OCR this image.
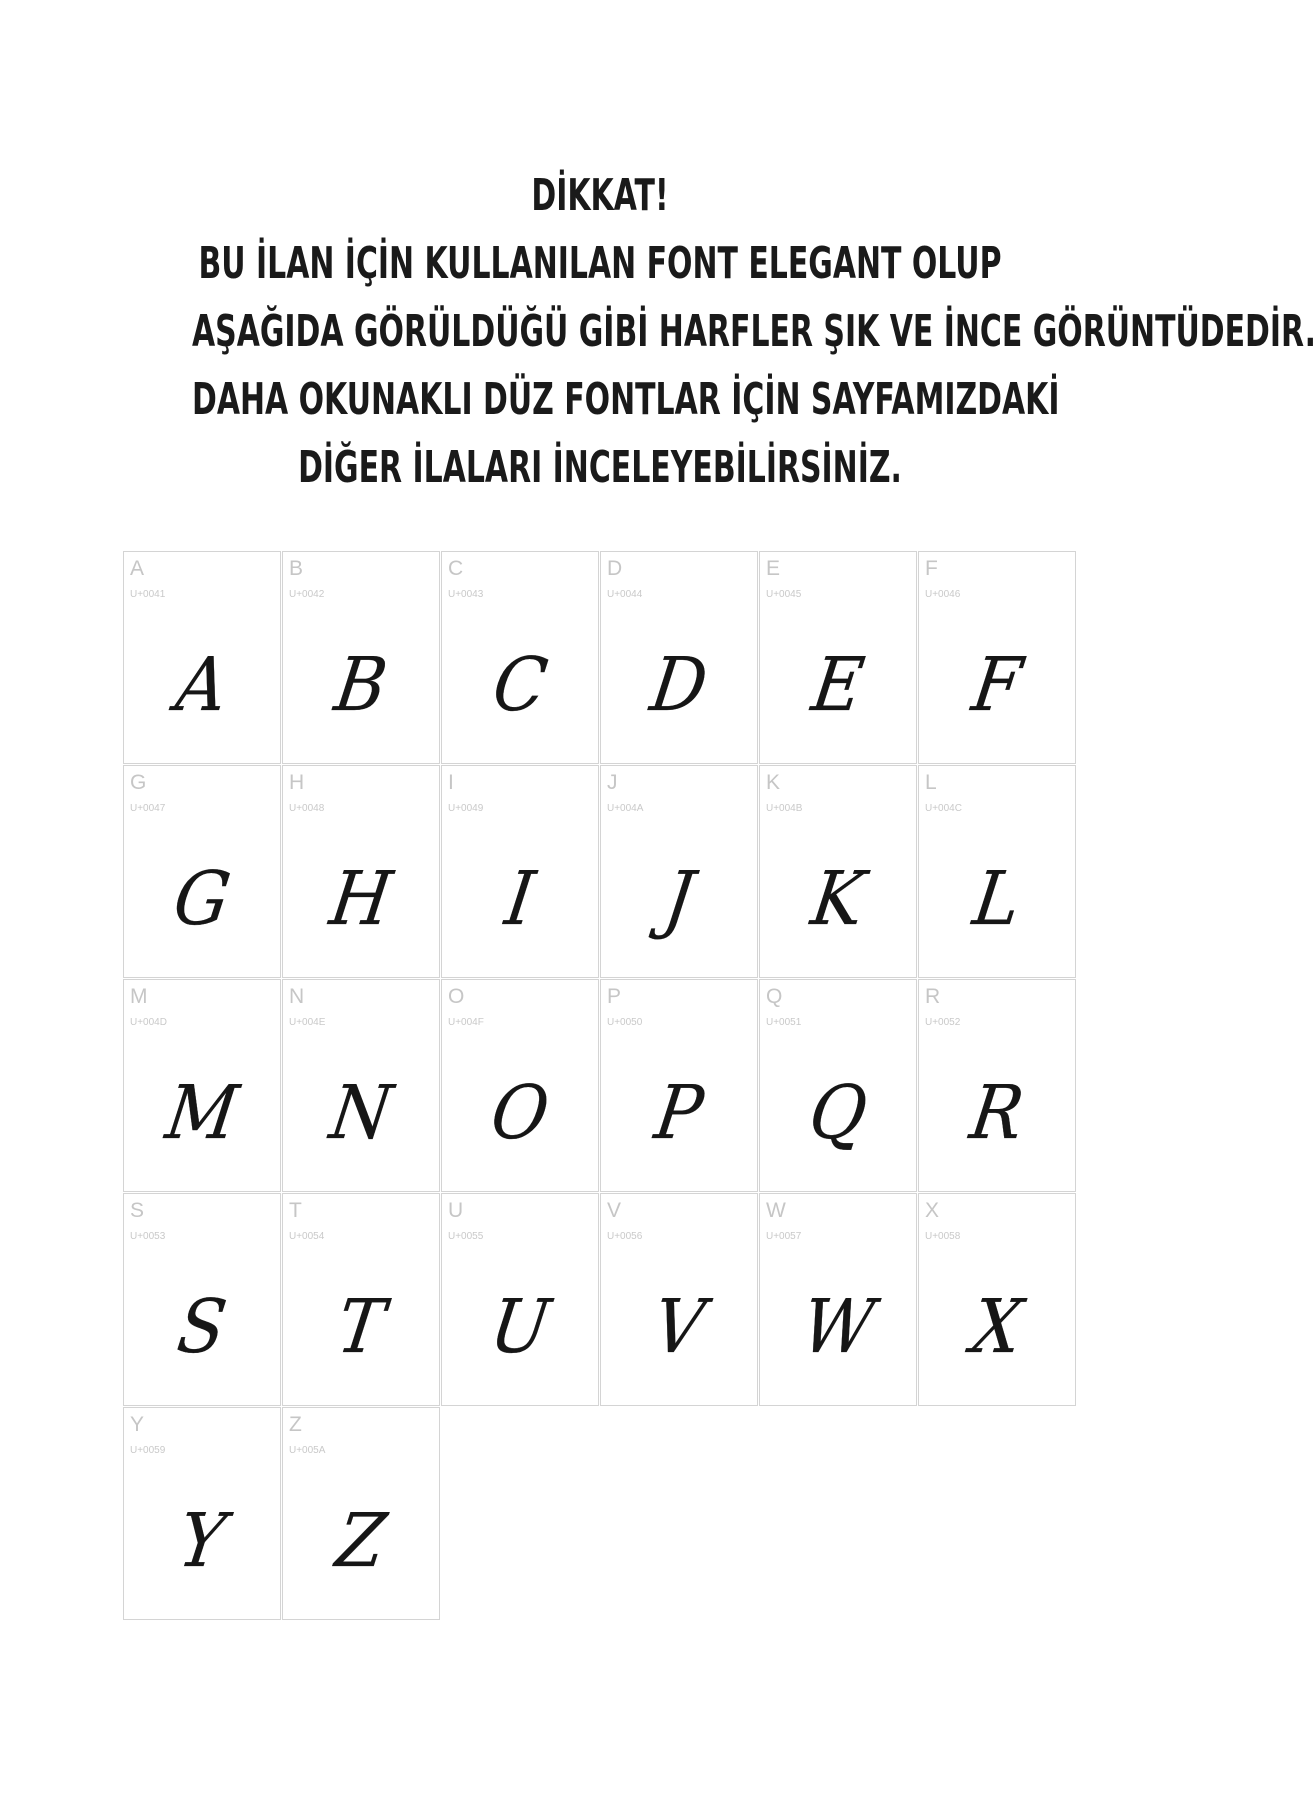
DİKKAT!
BU İLAN İÇİN KULLANILAN FONT ELEGANT OLUP
AŞAĞIDA GÖRÜLDÜĞÜ GİBİ HARFLER ŞIK VE İNCE GÖRÜNTÜDEDİR.
DAHA OKUNAKLI DÜZ FONTLAR İÇİN SAYFAMIZDAKİ
DİĞER İLALARI İNCELEYEBİLİRSİNİZ.
A
U+0041
A
B
U+0042
B
C
U+0043
C
D
U+0044
D
E
U+0045
E
F
U+0046
F
G
U+0047
G
H
U+0048
H
I
U+0049
I
J
U+004A
J
K
U+004B
K
L
U+004C
L
M
U+004D
M
N
U+004E
N
O
U+004F
O
P
U+0050
P
Q
U+0051
Q
R
U+0052
R
S
U+0053
S
T
U+0054
T
U
U+0055
U
V
U+0056
V
W
U+0057
W
X
U+0058
X
Y
U+0059
Y
Z
U+005A
Z
